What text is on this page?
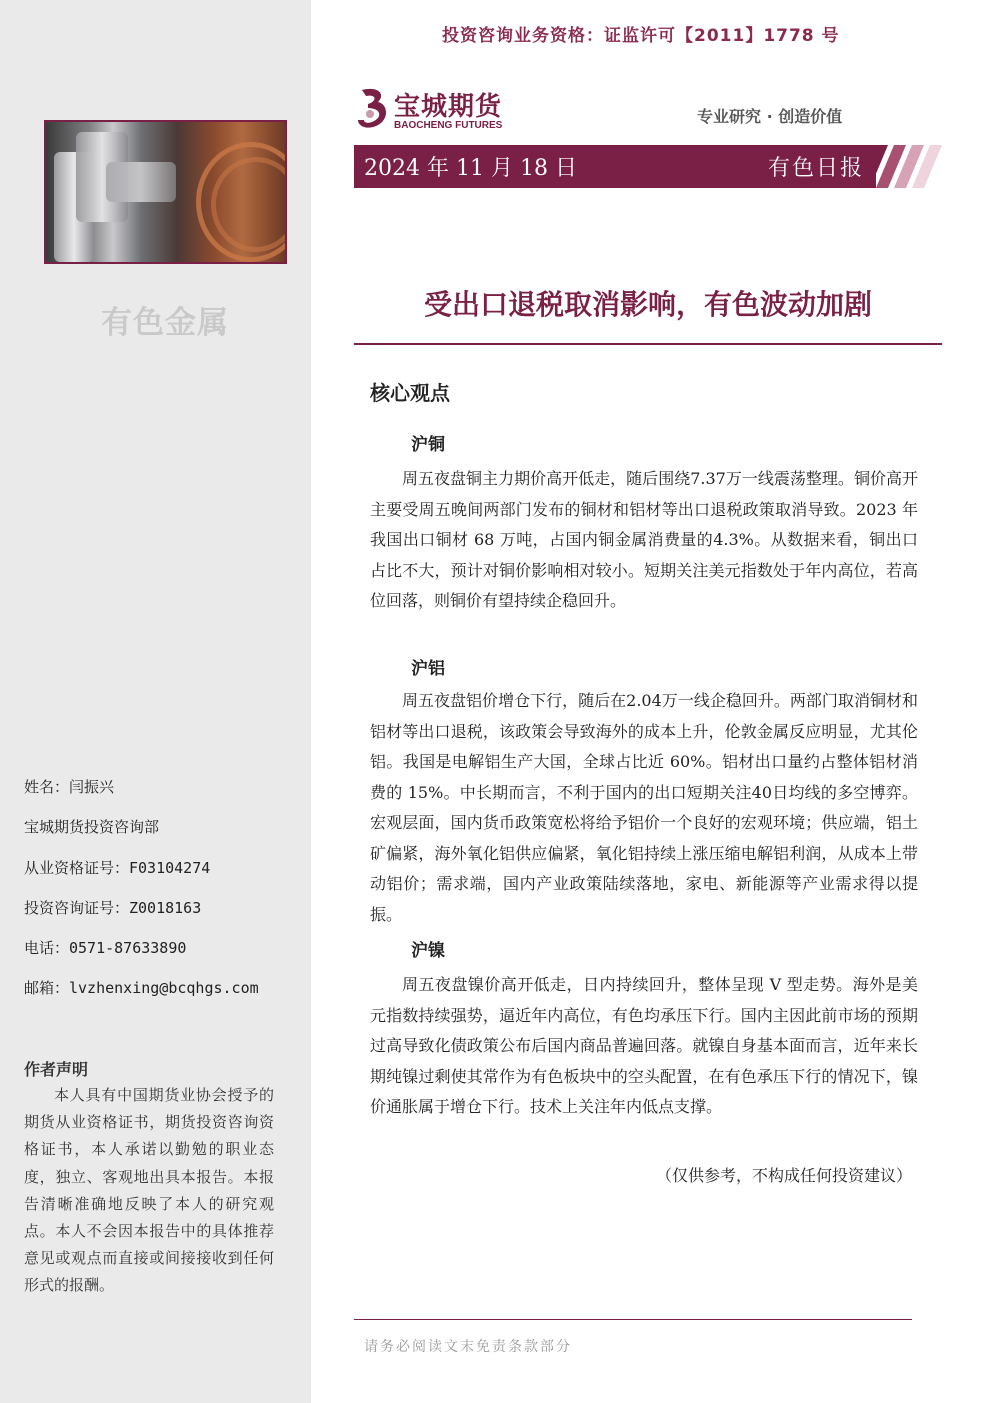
有色金属
姓名：闫振兴
宝城期货投资咨询部
从业资格证号：F03104274
投资咨询证号：Z0018163
电话：0571-87633890
邮箱：lvzhenxing@bcqhgs.com
作者声明
本人具有中国期货业协会授予的期货从业资格证书，期货投资咨询资格证书，本人承诺以勤勉的职业态度，独立、客观地出具本报告。本报告清晰准确地反映了本人的研究观点。本人不会因本报告中的具体推荐意见或观点而直接或间接接收到任何形式的报酬。
投资咨询业务资格：证监许可【2011】1778 号
宝城期货
BAOCHENG FUTURES	专业研究 · 创造价值
2024 年 11 月 18 日	有色日报
受出口退税取消影响，有色波动加剧
核心观点
沪铜
周五夜盘铜主力期价高开低走，随后围绕7.37万一线震荡整理。铜价高开主要受周五晚间两部门发布的铜材和铝材等出口退税政策取消导致。2023 年我国出口铜材 68 万吨，占国内铜金属消费量的4.3%。从数据来看，铜出口占比不大，预计对铜价影响相对较小。短期关注美元指数处于年内高位，若高位回落，则铜价有望持续企稳回升。
沪铝
周五夜盘铝价增仓下行，随后在2.04万一线企稳回升。两部门取消铜材和铝材等出口退税，该政策会导致海外的成本上升，伦敦金属反应明显，尤其伦铝。我国是电解铝生产大国，全球占比近 60%。铝材出口量约占整体铝材消费的 15%。中长期而言，不利于国内的出口短期关注40日均线的多空博弈。宏观层面，国内货币政策宽松将给予铝价一个良好的宏观环境；供应端，铝土矿偏紧，海外氧化铝供应偏紧，氧化铝持续上涨压缩电解铝利润，从成本上带动铝价；需求端，国内产业政策陆续落地，家电、新能源等产业需求得以提振。
沪镍
周五夜盘镍价高开低走，日内持续回升，整体呈现 V 型走势。海外是美元指数持续强势，逼近年内高位，有色均承压下行。国内主因此前市场的预期过高导致化债政策公布后国内商品普遍回落。就镍自身基本面而言，近年来长期纯镍过剩使其常作为有色板块中的空头配置，在有色承压下行的情况下，镍价通胀属于增仓下行。技术上关注年内低点支撑。
（仅供参考，不构成任何投资建议）
请务必阅读文末免责条款部分
